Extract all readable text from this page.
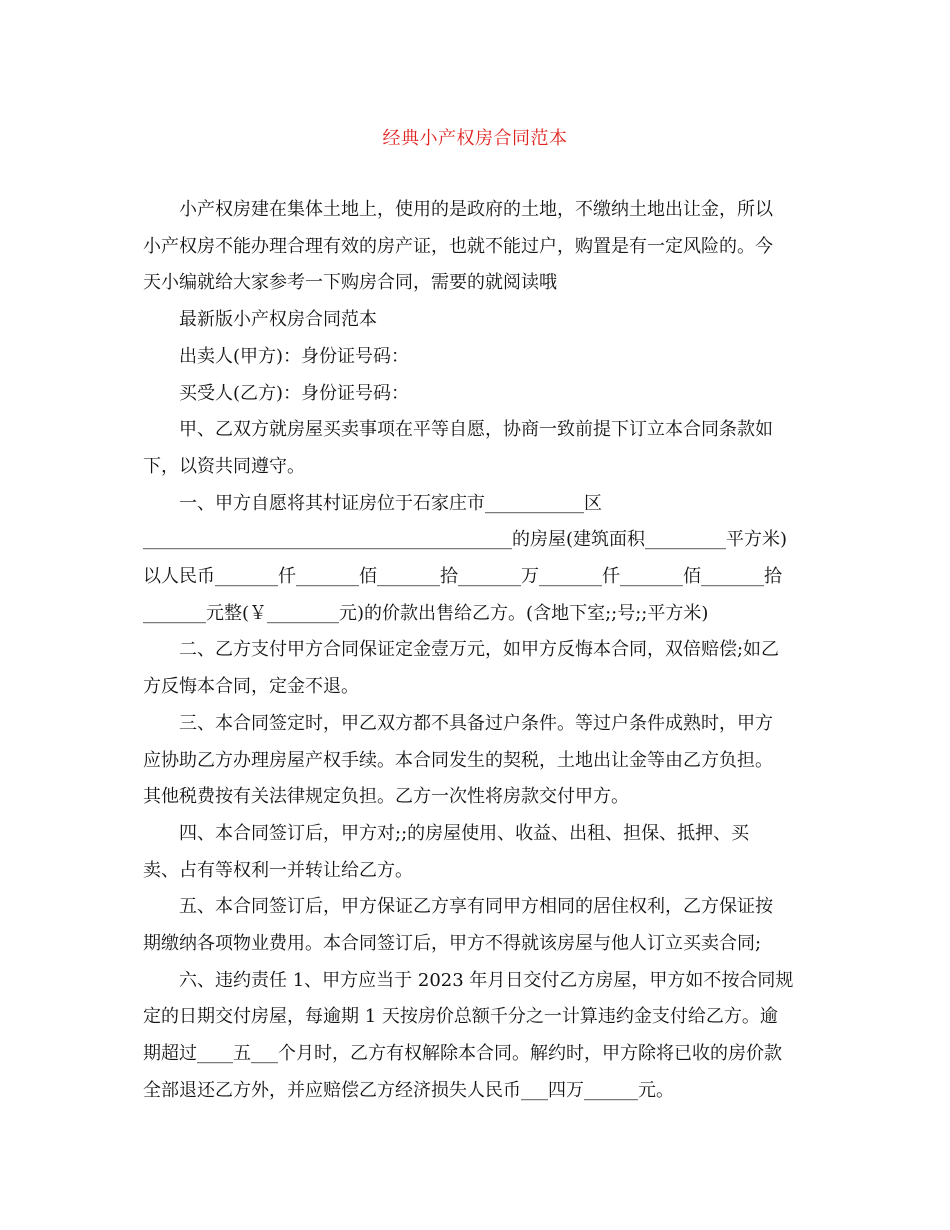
经典小产权房合同范本

小产权房建在集体土地上，使用的是政府的土地，不缴纳土地出让金，所以
小产权房不能办理合理有效的房产证，也就不能过户，购置是有一定风险的。今
天小编就给大家参考一下购房合同，需要的就阅读哦

最新版小产权房合同范本

出卖人(甲方)：身份证号码：

买受人(乙方)：身份证号码：

甲、乙双方就房屋买卖事项在平等自愿，协商一致前提下订立本合同条款如
下，以资共同遵守。

一、甲方自愿将其村证房位于石家庄市___________区
_________________________________________的房屋(建筑面积_________平方米)
以人民币_______仟_______佰_______拾_______万_______仟_______佰_______拾
_______元整(￥________元)的价款出售给乙方。(含地下室;;号;;平方米)

二、乙方支付甲方合同保证定金壹万元，如甲方反悔本合同，双倍赔偿;如乙
方反悔本合同，定金不退。

三、本合同签定时，甲乙双方都不具备过户条件。等过户条件成熟时，甲方
应协助乙方办理房屋产权手续。本合同发生的契税，土地出让金等由乙方负担。
其他税费按有关法律规定负担。乙方一次性将房款交付甲方。

四、本合同签订后，甲方对;;的房屋使用、收益、出租、担保、抵押、买
卖、占有等权利一并转让给乙方。

五、本合同签订后，甲方保证乙方享有同甲方相同的居住权利，乙方保证按
期缴纳各项物业费用。本合同签订后，甲方不得就该房屋与他人订立买卖合同;

六、违约责任 1、甲方应当于 2023 年月日交付乙方房屋，甲方如不按合同规
定的日期交付房屋，每逾期 1 天按房价总额千分之一计算违约金支付给乙方。逾
期超过____五___个月时，乙方有权解除本合同。解约时，甲方除将已收的房价款
全部退还乙方外，并应赔偿乙方经济损失人民币___四万______元。
